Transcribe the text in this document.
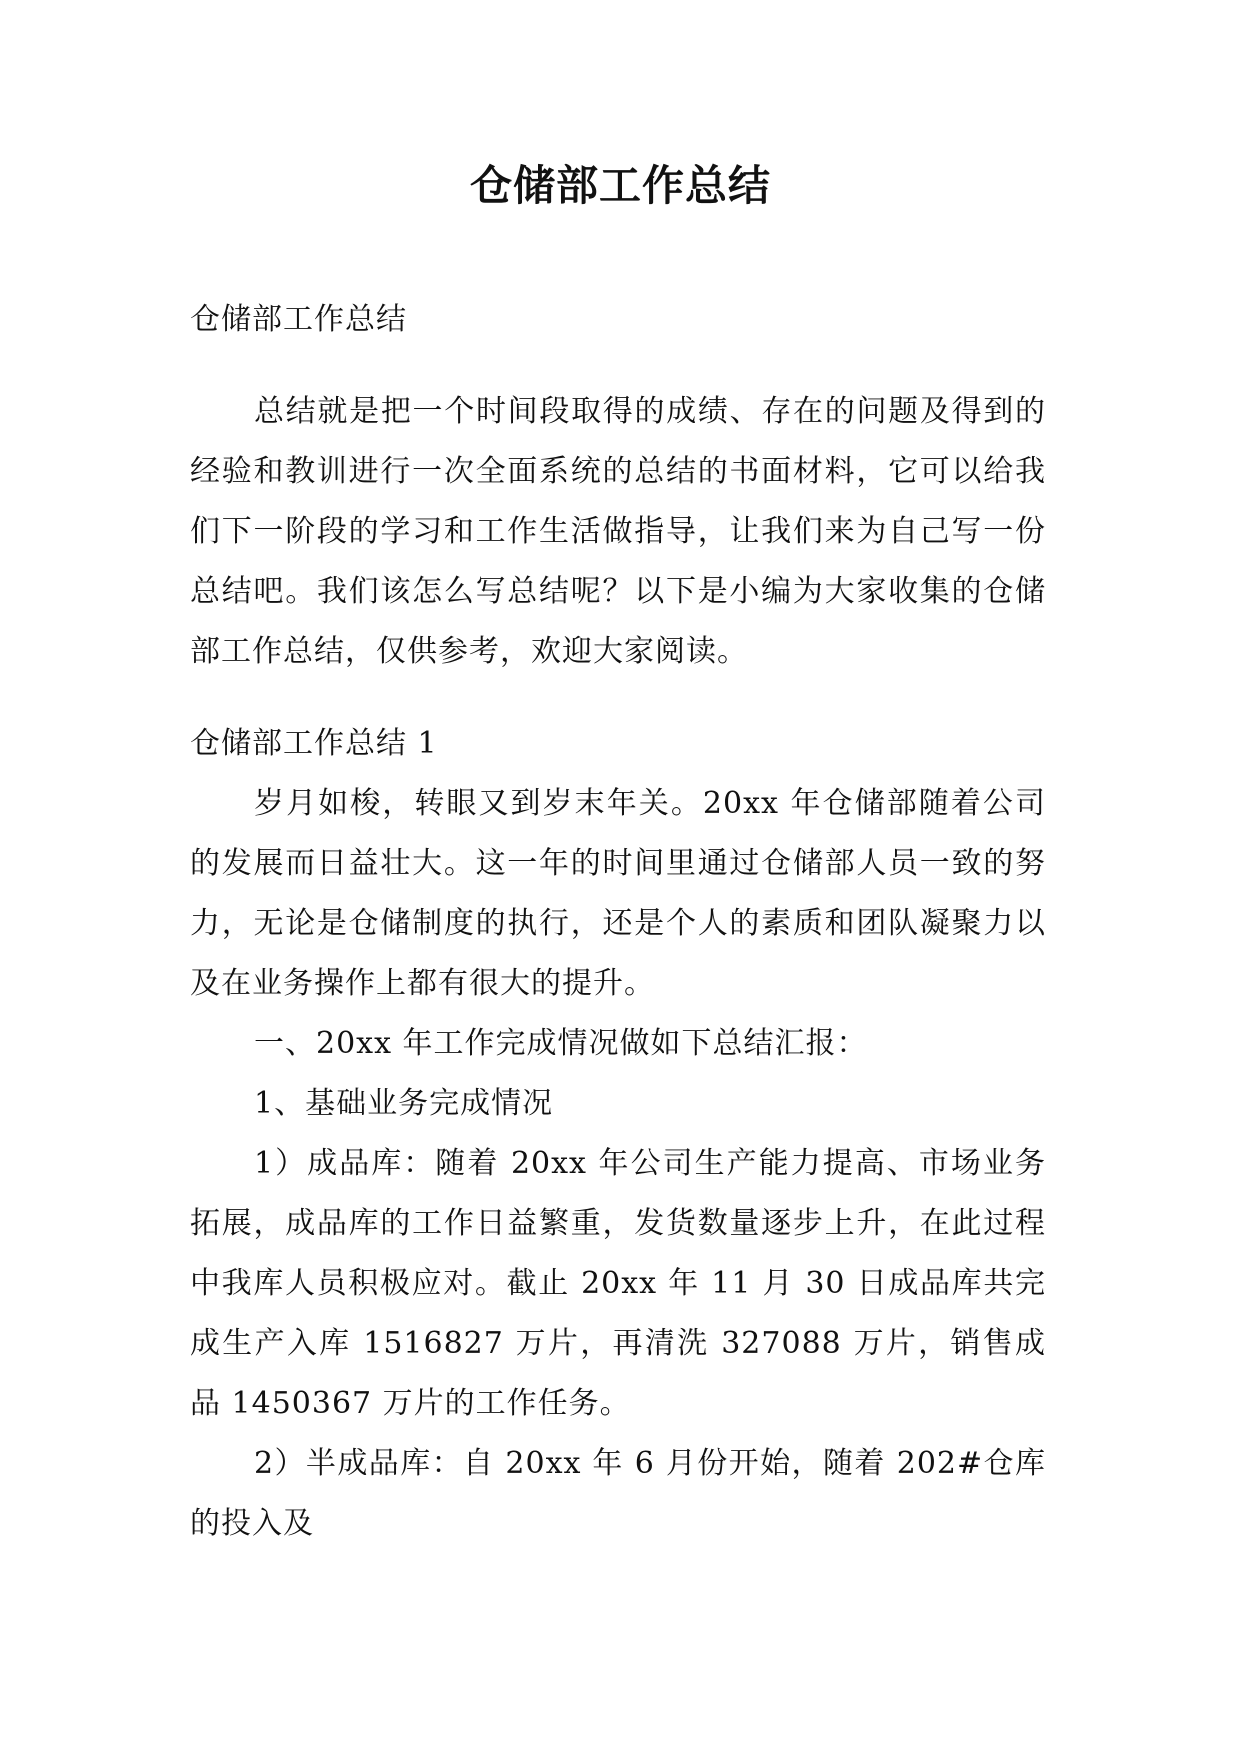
仓储部工作总结

仓储部工作总结

总结就是把一个时间段取得的成绩、存在的问题及得到的经验和教训进行一次全面系统的总结的书面材料，它可以给我们下一阶段的学习和工作生活做指导，让我们来为自己写一份总结吧。我们该怎么写总结呢？以下是小编为大家收集的仓储部工作总结，仅供参考，欢迎大家阅读。

仓储部工作总结 1

岁月如梭，转眼又到岁末年关。20xx 年仓储部随着公司的发展而日益壮大。这一年的时间里通过仓储部人员一致的努力，无论是仓储制度的执行，还是个人的素质和团队凝聚力以及在业务操作上都有很大的提升。

一、20xx 年工作完成情况做如下总结汇报：

1、基础业务完成情况

1）成品库：随着 20xx 年公司生产能力提高、市场业务拓展，成品库的工作日益繁重，发货数量逐步上升，在此过程中我库人员积极应对。截止 20xx 年 11 月 30 日成品库共完成生产入库 1516827 万片，再清洗 327088 万片，销售成品 1450367 万片的工作任务。

2）半成品库：自 20xx 年 6 月份开始，随着 202#仓库的投入及
